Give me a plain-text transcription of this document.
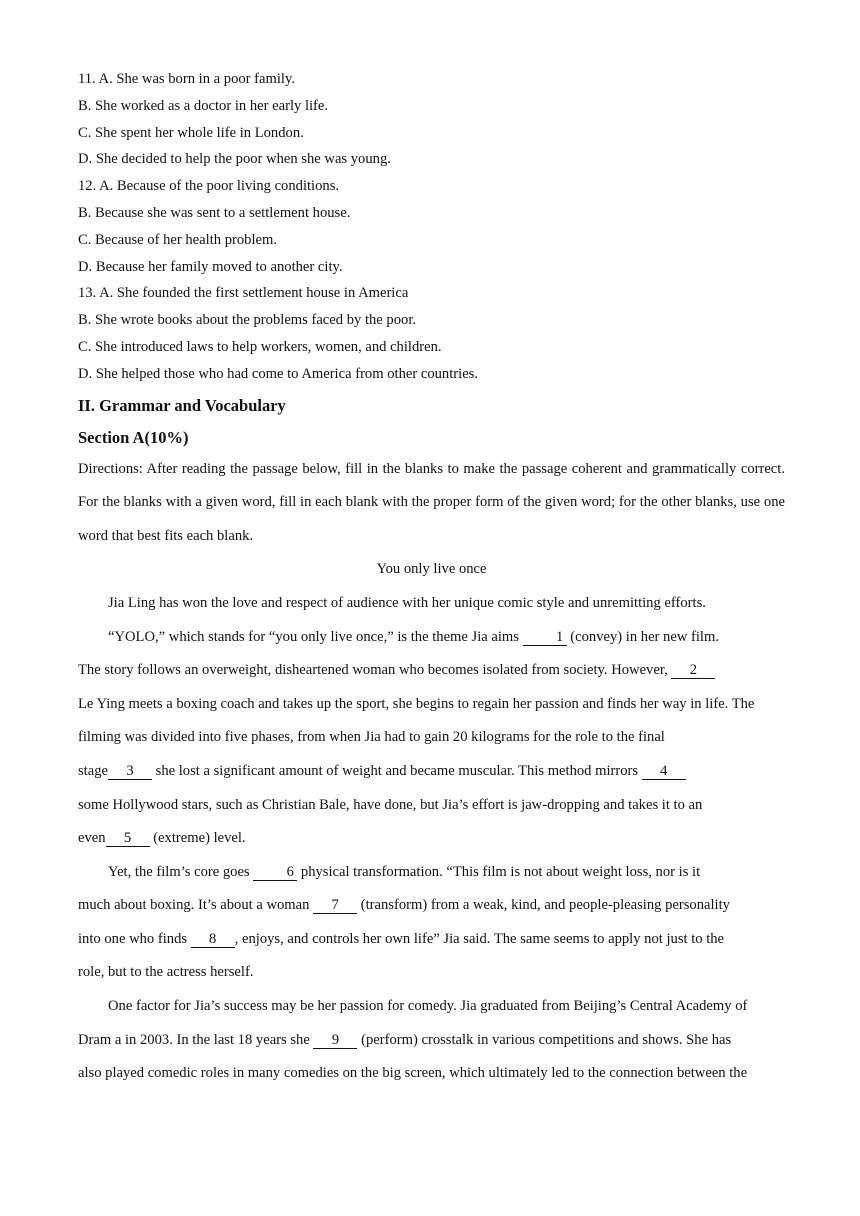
11. A. She was born in a poor family.

B. She worked as a doctor in her early life.

C. She spent her whole life in London.

D. She decided to help the poor when she was young.

12. A. Because of the poor living conditions.

B. Because she was sent to a settlement house.

C. Because of her health problem.

D. Because her family moved to another city.

13. A. She founded the first settlement house in America

B. She wrote books about the problems faced by the poor.

C. She introduced laws to help workers, women, and children.

D. She helped those who had come to America from other countries.

II. Grammar and Vocabulary
Section A(10%)

Directions: After reading the passage below, fill in the blanks to make the passage coherent and grammatically correct. For the blanks with a given word, fill in each blank with the proper form of the given word; for the other blanks, use one word that best fits each blank.

You only live once

Jia Ling has won the love and respect of audience with her unique comic style and unremitting efforts.

“YOLO,” which stands for “you only live once,” is the theme Jia aims 1 (convey) in her new film.

The story follows an overweight, disheartened woman who becomes isolated from society. However, 2

Le Ying meets a boxing coach and takes up the sport, she begins to regain her passion and finds her way in life. The

filming was divided into five phases, from when Jia had to gain 20 kilograms for the role to the final

stage 3 she lost a significant amount of weight and became muscular. This method mirrors 4

some Hollywood stars, such as Christian Bale, have done, but Jia’s effort is jaw-dropping and takes it to an

even 5 (extreme) level.

Yet, the film’s core goes 6 physical transformation. “This film is not about weight loss, nor is it

much about boxing. It’s about a woman 7 (transform) from a weak, kind, and people-pleasing personality

into one who finds 8 , enjoys, and controls her own life” Jia said. The same seems to apply not just to the

role, but to the actress herself.

One factor for Jia’s success may be her passion for comedy. Jia graduated from Beijing’s Central Academy of

Dram a in 2003. In the last 18 years she 9 (perform) crosstalk in various competitions and shows. She has

also played comedic roles in many comedies on the big screen, which ultimately led to the connection between the
